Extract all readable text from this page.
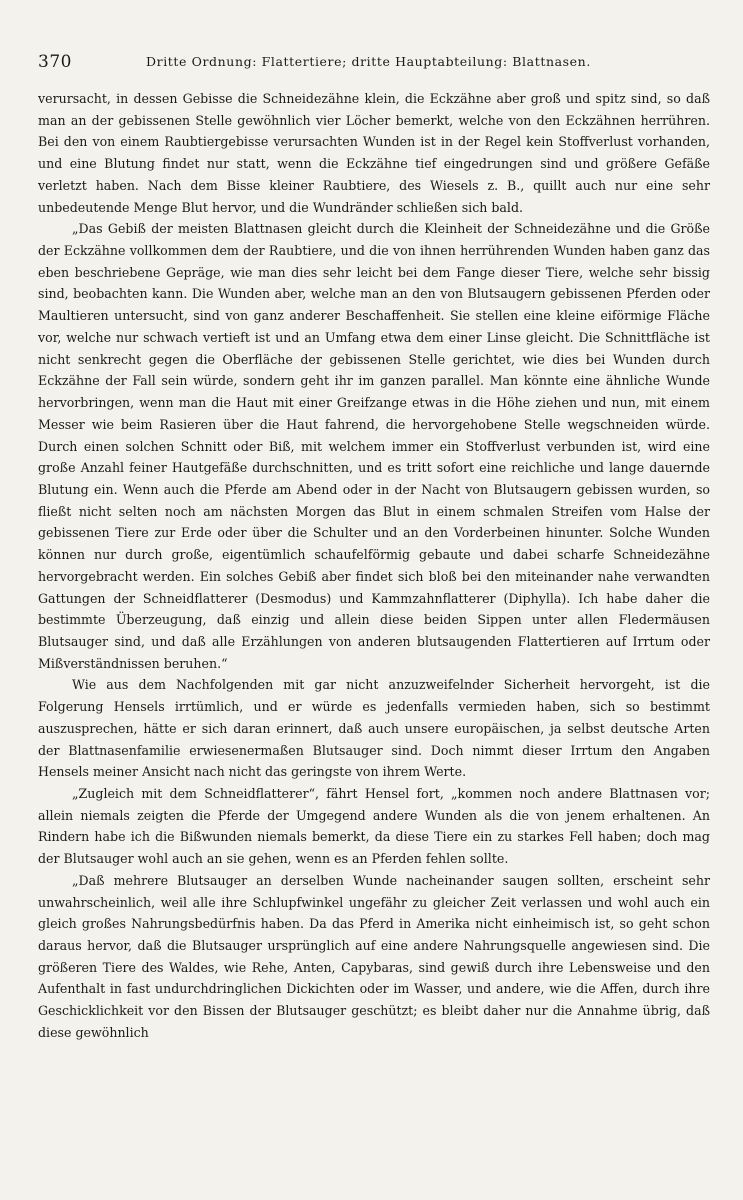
370	Dritte Ordnung: Flattertiere; dritte Hauptabteilung: Blattnasen.

verursacht, in dessen Gebisse die Schneidezähne klein, die Eckzähne aber groß und spitz sind, so daß man an der gebissenen Stelle gewöhnlich vier Löcher bemerkt, welche von den Eckzähnen herrühren. Bei den von einem Raubtiergebisse verursachten Wunden ist in der Regel kein Stoffverlust vorhanden, und eine Blutung findet nur statt, wenn die Eckzähne tief eingedrungen sind und größere Gefäße verletzt haben. Nach dem Bisse kleiner Raubtiere, des Wiesels z. B., quillt auch nur eine sehr unbedeutende Menge Blut hervor, und die Wundränder schließen sich bald.

„Das Gebiß der meisten Blattnasen gleicht durch die Kleinheit der Schneidezähne und die Größe der Eckzähne vollkommen dem der Raubtiere, und die von ihnen herrührenden Wunden haben ganz das eben beschriebene Gepräge, wie man dies sehr leicht bei dem Fange dieser Tiere, welche sehr bissig sind, beobachten kann. Die Wunden aber, welche man an den von Blutsaugern gebissenen Pferden oder Maultieren untersucht, sind von ganz anderer Beschaffenheit. Sie stellen eine kleine eiförmige Fläche vor, welche nur schwach vertieft ist und an Umfang etwa dem einer Linse gleicht. Die Schnittfläche ist nicht senkrecht gegen die Oberfläche der gebissenen Stelle gerichtet, wie dies bei Wunden durch Eckzähne der Fall sein würde, sondern geht ihr im ganzen parallel. Man könnte eine ähnliche Wunde hervorbringen, wenn man die Haut mit einer Greifzange etwas in die Höhe ziehen und nun, mit einem Messer wie beim Rasieren über die Haut fahrend, die hervorgehobene Stelle wegschneiden würde. Durch einen solchen Schnitt oder Biß, mit welchem immer ein Stoffverlust verbunden ist, wird eine große Anzahl feiner Hautgefäße durchschnitten, und es tritt sofort eine reichliche und lange dauernde Blutung ein. Wenn auch die Pferde am Abend oder in der Nacht von Blutsaugern gebissen wurden, so fließt nicht selten noch am nächsten Morgen das Blut in einem schmalen Streifen vom Halse der gebissenen Tiere zur Erde oder über die Schulter und an den Vorderbeinen hinunter. Solche Wunden können nur durch große, eigentümlich schaufelförmig gebaute und dabei scharfe Schneidezähne hervorgebracht werden. Ein solches Gebiß aber findet sich bloß bei den miteinander nahe verwandten Gattungen der Schneidflatterer (Desmodus) und Kammzahnflatterer (Diphylla). Ich habe daher die bestimmte Überzeugung, daß einzig und allein diese beiden Sippen unter allen Fledermäusen Blutsauger sind, und daß alle Erzählungen von anderen blutsaugenden Flattertieren auf Irrtum oder Mißverständnissen beruhen.“

Wie aus dem Nachfolgenden mit gar nicht anzuzweifelnder Sicherheit hervorgeht, ist die Folgerung Hensels irrtümlich, und er würde es jedenfalls vermieden haben, sich so bestimmt auszusprechen, hätte er sich daran erinnert, daß auch unsere europäischen, ja selbst deutsche Arten der Blattnasenfamilie erwiesenermaßen Blutsauger sind. Doch nimmt dieser Irrtum den Angaben Hensels meiner Ansicht nach nicht das geringste von ihrem Werte.

„Zugleich mit dem Schneidflatterer“, fährt Hensel fort, „kommen noch andere Blattnasen vor; allein niemals zeigten die Pferde der Umgegend andere Wunden als die von jenem erhaltenen. An Rindern habe ich die Bißwunden niemals bemerkt, da diese Tiere ein zu starkes Fell haben; doch mag der Blutsauger wohl auch an sie gehen, wenn es an Pferden fehlen sollte.

„Daß mehrere Blutsauger an derselben Wunde nacheinander saugen sollten, erscheint sehr unwahrscheinlich, weil alle ihre Schlupfwinkel ungefähr zu gleicher Zeit verlassen und wohl auch ein gleich großes Nahrungsbedürfnis haben. Da das Pferd in Amerika nicht einheimisch ist, so geht schon daraus hervor, daß die Blutsauger ursprünglich auf eine andere Nahrungsquelle angewiesen sind. Die größeren Tiere des Waldes, wie Rehe, Anten, Capybaras, sind gewiß durch ihre Lebensweise und den Aufenthalt in fast undurchdringlichen Dickichten oder im Wasser, und andere, wie die Affen, durch ihre Geschicklichkeit vor den Bissen der Blutsauger geschützt; es bleibt daher nur die Annahme übrig, daß diese gewöhnlich
